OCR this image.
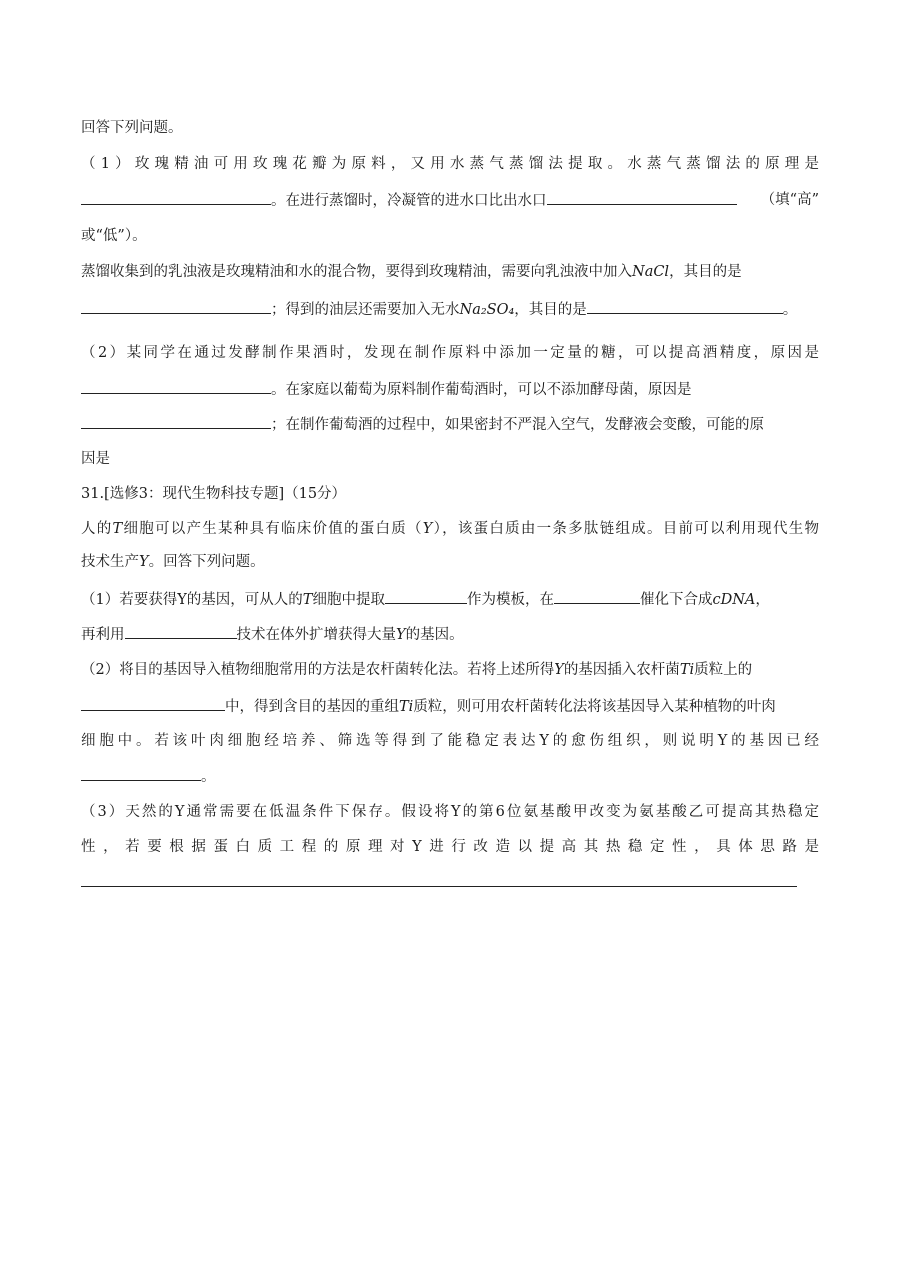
回答下列问题。
（1）玫瑰精油可用玫瑰花瓣为原料，又用水蒸气蒸馏法提取。水蒸气蒸馏法的原理是
。在进行蒸馏时，冷凝管的进水口比出水口	（填“高”
或“低”）。
蒸馏收集到的乳浊液是玫瑰精油和水的混合物，要得到玫瑰精油，需要向乳浊液中加入NaCl，其目的是
；得到的油层还需要加入无水Na₂SO₄，其目的是	。
（2）某同学在通过发酵制作果酒时，发现在制作原料中添加一定量的糖，可以提高酒精度，原因是
。在家庭以葡萄为原料制作葡萄酒时，可以不添加酵母菌，原因是
；在制作葡萄酒的过程中，如果密封不严混入空气，发酵液会变酸，可能的原
因是
31.[选修3：现代生物科技专题]（15分）
人的T细胞可以产生某种具有临床价值的蛋白质（Y），该蛋白质由一条多肽链组成。目前可以利用现代生物
技术生产Y。回答下列问题。
（1）若要获得Y的基因，可从人的T细胞中提取	作为模板，在	催化下合成cDNA，
再利用	技术在体外扩增获得大量Y的基因。
（2）将目的基因导入植物细胞常用的方法是农杆菌转化法。若将上述所得Y的基因插入农杆菌Ti质粒上的
中，得到含目的基因的重组Ti质粒，则可用农杆菌转化法将该基因导入某种植物的叶肉
细胞中。若该叶肉细胞经培养、筛选等得到了能稳定表达Y的愈伤组织，则说明Y的基因已经
。
（3）天然的Y通常需要在低温条件下保存。假设将Y的第6位氨基酸甲改变为氨基酸乙可提高其热稳定
性，若要根据蛋白质工程的原理对Y进行改造以提高其热稳定性，具体思路是
